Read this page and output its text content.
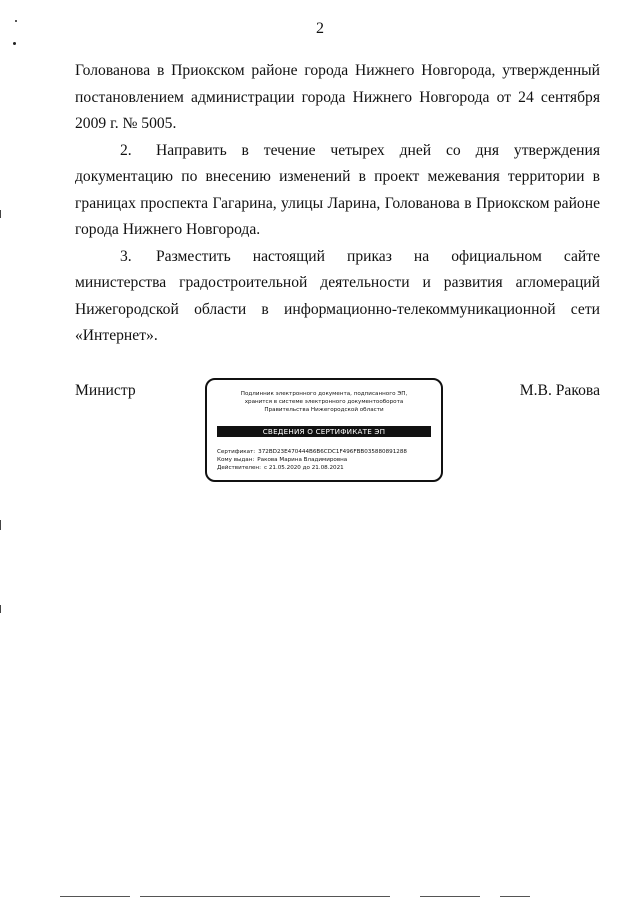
2

Голованова в Приокском районе города Нижнего Новгорода, утвержденный постановлением администрации города Нижнего Новгорода от 24 сентября 2009 г. № 5005.

2. Направить в течение четырех дней со дня утверждения документацию по внесению изменений в проект межевания территории в границах проспекта Гагарина, улицы Ларина, Голованова в Приокском районе города Нижнего Новгорода.

3. Разместить настоящий приказ на официальном сайте министерства градостроительной деятельности и развития агломераций Нижегородской области в информационно-телекоммуникационной сети «Интернет».

Министр	М.В. Ракова
Подлинник электронного документа, подписанного ЭП,
хранится в системе электронного документооборота
Правительства Нижегородской области
СВЕДЕНИЯ О СЕРТИФИКАТЕ ЭП
Сертификат: 372BD23E470444B6B6CDC1F496FBB035880891288
Кому выдан: Ракова Марина Владимировна
Действителен: с 21.05.2020 до 21.08.2021
